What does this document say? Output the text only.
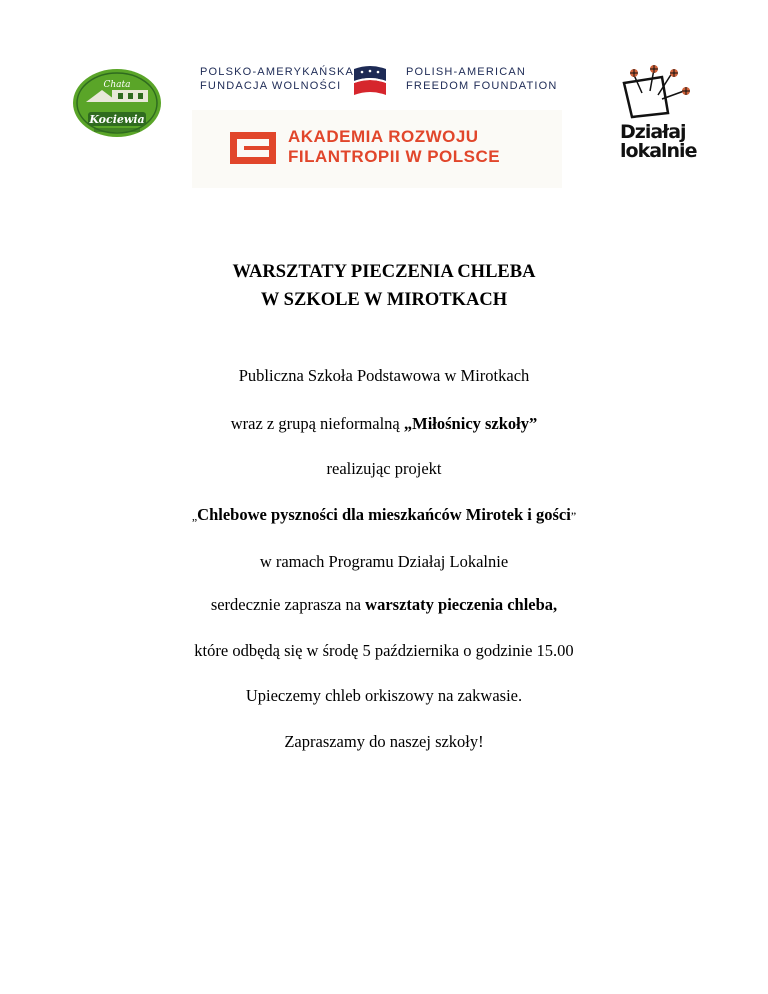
Chata
Kociewia
POLSKO-AMERYKAŃSKA
FUNDACJA WOLNOŚCI
POLISH-AMERICAN
FREEDOM FOUNDATION
AKADEMIA ROZWOJU
FILANTROPII W POLSCE
Działaj
lokalnie
WARSZTATY PIECZENIA CHLEBA
W SZKOLE W MIROTKACH
Publiczna Szkoła Podstawowa w Mirotkach
wraz z grupą nieformalną „Miłośnicy szkoły”
realizując projekt
„Chlebowe pyszności dla mieszkańców Mirotek i gości”
w ramach Programu Działaj Lokalnie
serdecznie zaprasza na warsztaty pieczenia chleba,
które odbędą się w środę 5 października o godzinie 15.00
Upieczemy chleb orkiszowy na zakwasie.
Zapraszamy do naszej szkoły!
